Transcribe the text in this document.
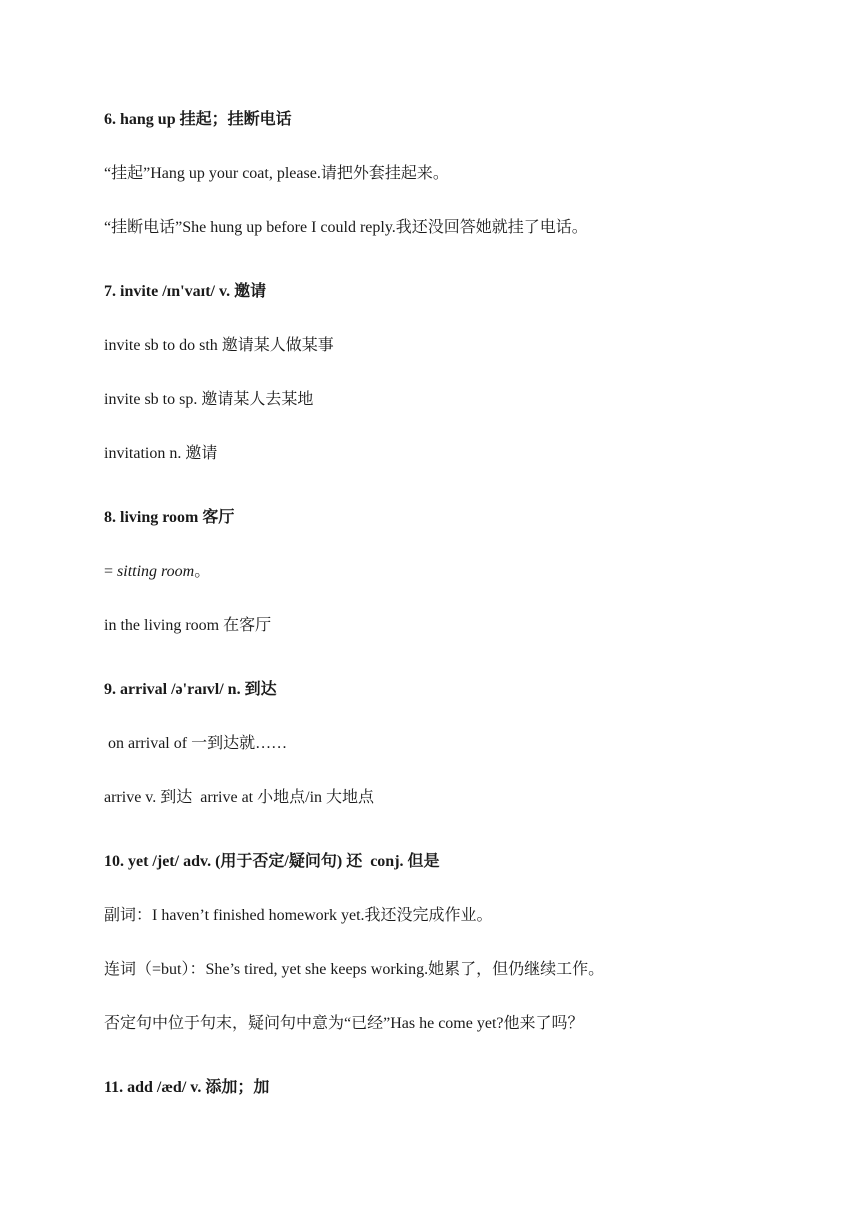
6. hang up 挂起；挂断电话
“挂起”Hang up your coat, please.请把外套挂起来。
“挂断电话”She hung up before I could reply.我还没回答她就挂了电话。
7. invite /ɪn'vaɪt/ v. 邀请
invite sb to do sth 邀请某人做某事
invite sb to sp. 邀请某人去某地
invitation n. 邀请
8. living room 客厅
= sitting room。
in the living room 在客厅
9. arrival /ə'raɪvl/ n. 到达
on arrival of 一到达就……
arrive v. 到达  arrive at 小地点/in 大地点
10. yet /jet/ adv. (用于否定/疑问句) 还  conj. 但是
副词：I haven’t finished homework yet.我还没完成作业。
连词（=but）：She’s tired, yet she keeps working.她累了，但仍继续工作。
否定句中位于句末，疑问句中意为“已经”Has he come yet?他来了吗？
11. add /æd/ v. 添加；加
